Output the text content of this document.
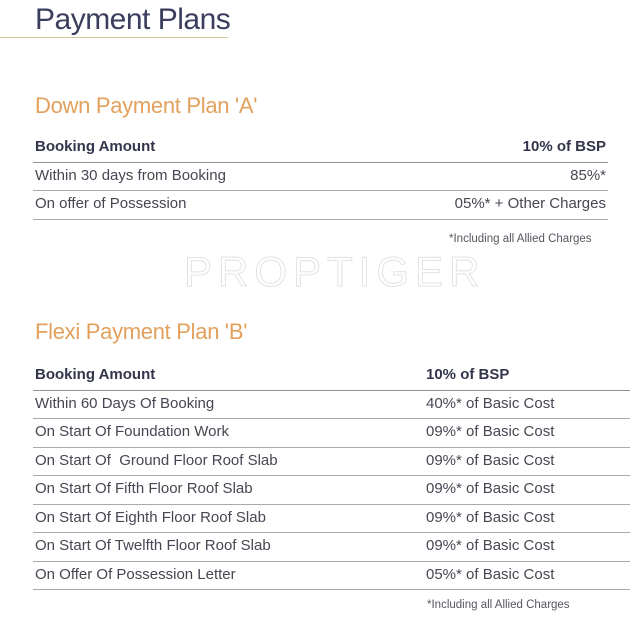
Payment Plans
Down Payment Plan 'A'
Booking Amount	10% of BSP
Within 30 days from Booking	85%*
On offer of Possession	05%* + Other Charges
*Including all Allied Charges
PROPTIGER
Flexi Payment Plan 'B'
Booking Amount	10% of BSP
Within 60 Days Of Booking	40%* of Basic Cost
On Start Of Foundation Work	09%* of Basic Cost
On Start Of  Ground Floor Roof Slab	09%* of Basic Cost
On Start Of Fifth Floor Roof Slab	09%* of Basic Cost
On Start Of Eighth Floor Roof Slab	09%* of Basic Cost
On Start Of Twelfth Floor Roof Slab	09%* of Basic Cost
On Offer Of Possession Letter	05%* of Basic Cost
*Including all Allied Charges
